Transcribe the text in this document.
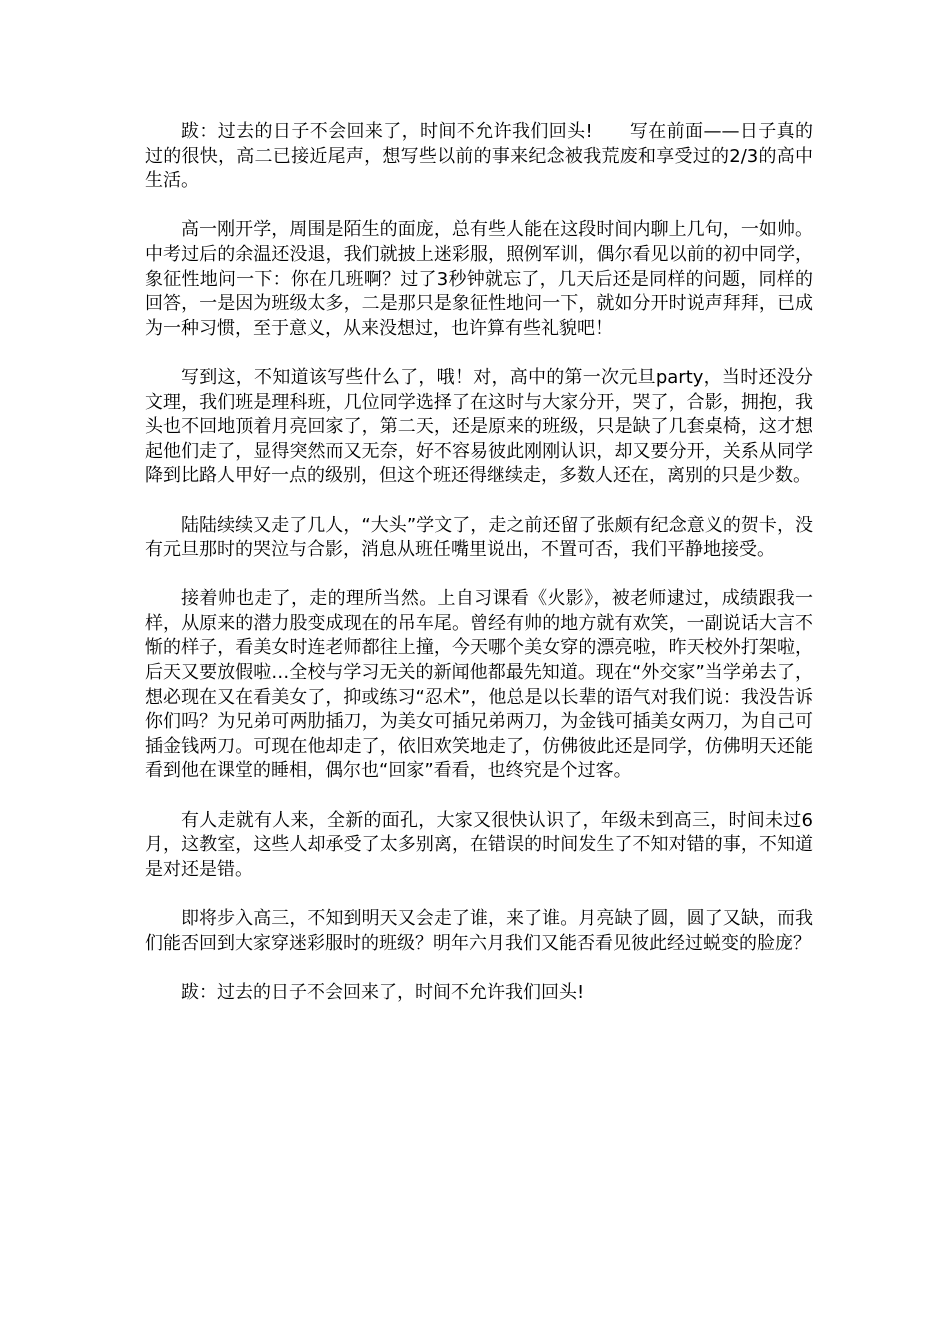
跋：过去的日子不会回来了，时间不允许我们回头!　　写在前面——日子真的过的很快，高二已接近尾声，想写些以前的事来纪念被我荒废和享受过的2/3的高中生活。

高一刚开学，周围是陌生的面庞，总有些人能在这段时间内聊上几句，一如帅。中考过后的余温还没退，我们就披上迷彩服，照例军训，偶尔看见以前的初中同学，象征性地问一下：你在几班啊？过了3秒钟就忘了，几天后还是同样的问题，同样的回答，一是因为班级太多，二是那只是象征性地问一下，就如分开时说声拜拜，已成为一种习惯，至于意义，从来没想过，也许算有些礼貌吧！

写到这，不知道该写些什么了，哦！对，高中的第一次元旦party，当时还没分文理，我们班是理科班，几位同学选择了在这时与大家分开，哭了，合影，拥抱，我头也不回地顶着月亮回家了，第二天，还是原来的班级，只是缺了几套桌椅，这才想起他们走了，显得突然而又无奈，好不容易彼此刚刚认识，却又要分开，关系从同学降到比路人甲好一点的级别，但这个班还得继续走，多数人还在，离别的只是少数。

陆陆续续又走了几人，“大头”学文了，走之前还留了张颇有纪念意义的贺卡，没有元旦那时的哭泣与合影，消息从班任嘴里说出，不置可否，我们平静地接受。

接着帅也走了，走的理所当然。上自习课看《火影》，被老师逮过，成绩跟我一样，从原来的潜力股变成现在的吊车尾。曾经有帅的地方就有欢笑，一副说话大言不惭的样子，看美女时连老师都往上撞，今天哪个美女穿的漂亮啦，昨天校外打架啦，后天又要放假啦…全校与学习无关的新闻他都最先知道。现在“外交家”当学弟去了，想必现在又在看美女了，抑或练习“忍术”，他总是以长辈的语气对我们说：我没告诉你们吗？为兄弟可两肋插刀，为美女可插兄弟两刀，为金钱可插美女两刀，为自己可插金钱两刀。可现在他却走了，依旧欢笑地走了，仿佛彼此还是同学，仿佛明天还能看到他在课堂的睡相，偶尔也“回家”看看，也终究是个过客。

有人走就有人来，全新的面孔，大家又很快认识了，年级未到高三，时间未过6月，这教室，这些人却承受了太多别离，在错误的时间发生了不知对错的事，不知道是对还是错。

即将步入高三，不知到明天又会走了谁，来了谁。月亮缺了圆，圆了又缺，而我们能否回到大家穿迷彩服时的班级？明年六月我们又能否看见彼此经过蜕变的脸庞？

跋：过去的日子不会回来了，时间不允许我们回头!
